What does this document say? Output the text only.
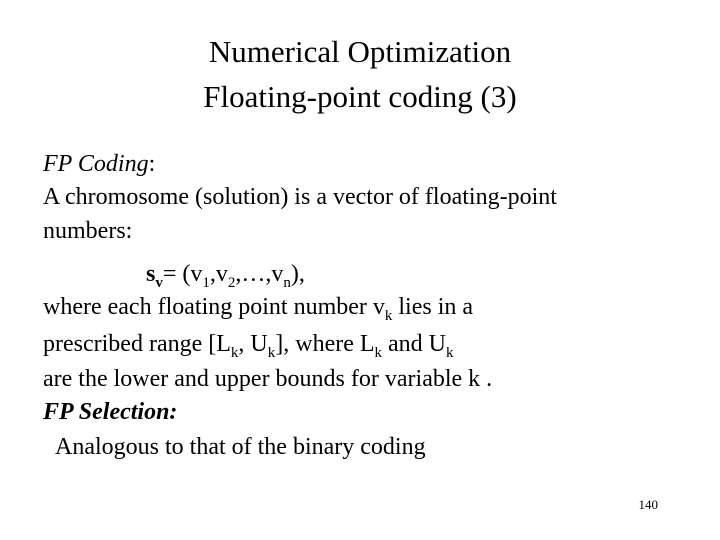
Numerical Optimization
Floating-point coding (3)
FP Coding:
A chromosome (solution) is a vector of floating-point
numbers:
$s_v=$ $(v_1,v_2,\dots,v_n)$,
where each floating point number $v_k$ lies in a
prescribed range [$L_k$, $U_k$], where $L_k$ and $U_k$
are the lower and upper bounds for variable k .
FP Selection:
Analogous to that of the binary coding
140
